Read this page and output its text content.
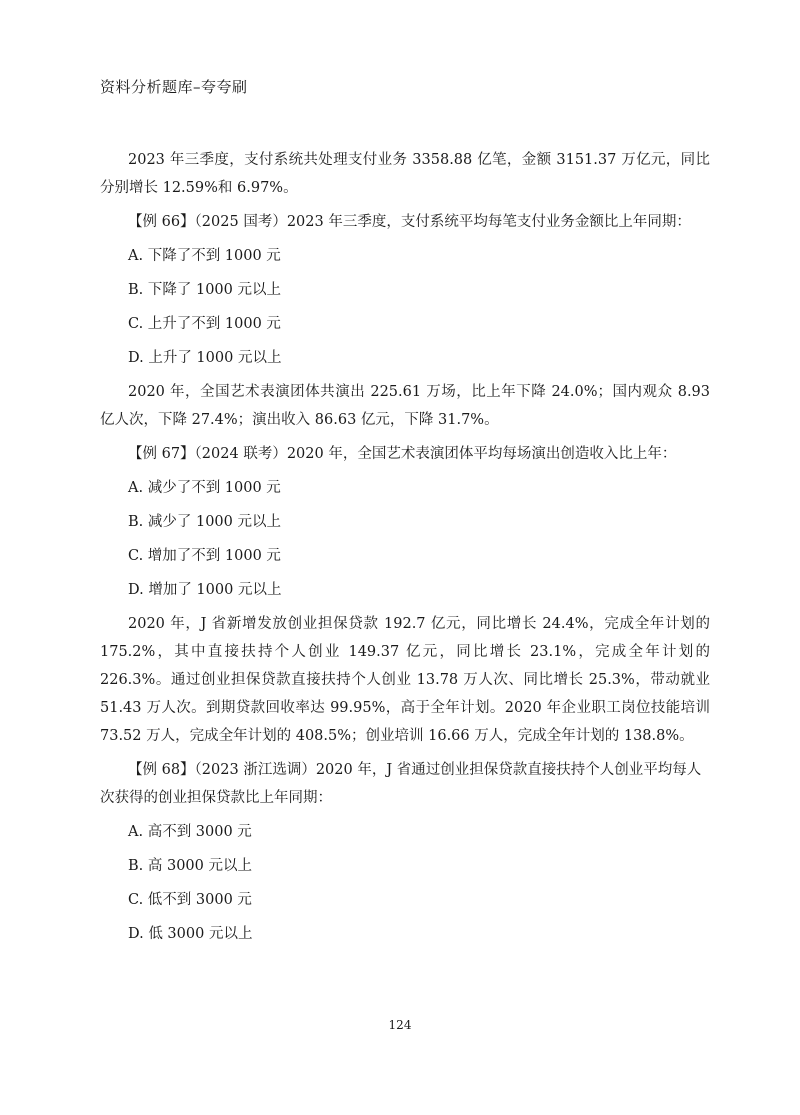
资料分析题库–夸夸刷

2023 年三季度，支付系统共处理支付业务 3358.88 亿笔，金额 3151.37 万亿元，同比分别增长 12.59%和 6.97%。

【例 66】（2025 国考）2023 年三季度，支付系统平均每笔支付业务金额比上年同期：

A. 下降了不到 1000 元

B. 下降了 1000 元以上

C. 上升了不到 1000 元

D. 上升了 1000 元以上

2020 年，全国艺术表演团体共演出 225.61 万场，比上年下降 24.0%；国内观众 8.93 亿人次，下降 27.4%；演出收入 86.63 亿元，下降 31.7%。

【例 67】（2024 联考）2020 年，全国艺术表演团体平均每场演出创造收入比上年：

A. 减少了不到 1000 元

B. 减少了 1000 元以上

C. 增加了不到 1000 元

D. 增加了 1000 元以上

2020 年，J 省新增发放创业担保贷款 192.7 亿元，同比增长 24.4%，完成全年计划的 175.2%，其中直接扶持个人创业 149.37 亿元，同比增长 23.1%，完成全年计划的 226.3%。通过创业担保贷款直接扶持个人创业 13.78 万人次、同比增长 25.3%，带动就业 51.43 万人次。到期贷款回收率达 99.95%，高于全年计划。2020 年企业职工岗位技能培训 73.52 万人，完成全年计划的 408.5%；创业培训 16.66 万人，完成全年计划的 138.8%。

【例 68】（2023 浙江选调）2020 年，J 省通过创业担保贷款直接扶持个人创业平均每人次获得的创业担保贷款比上年同期：

A. 高不到 3000 元

B. 高 3000 元以上

C. 低不到 3000 元

D. 低 3000 元以上

124
